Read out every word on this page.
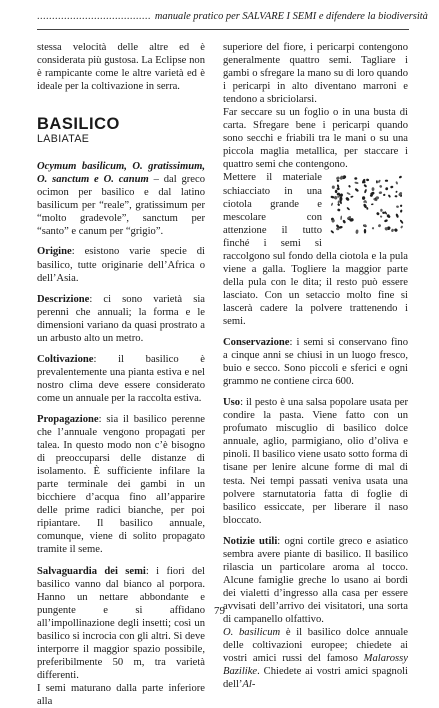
...................................... manuale pratico per SALVARE I SEMI e difendere la biodiversità

stessa velocità delle altre ed è considerata più gustosa. La Eclipse non è rampicante come le altre varietà ed è ideale per la coltivazione in serra.

BASILICO
LABIATAE

Ocymum basilicum, O. gratissimum, O. sanctum e O. canum – dal greco ocimon per basilico e dal latino basilicum per “reale”, gratissimum per “molto gradevole”, sanctum per “santo” e canum per “grigio”.

Origine: esistono varie specie di basilico, tutte originarie dell’Africa o dell’Asia.

Descrizione: ci sono varietà sia perenni che annuali; la forma e le dimensioni variano da quasi prostrato a un arbusto alto un metro.

Coltivazione: il basilico è prevalentemente una pianta estiva e nel nostro clima deve essere considerato come un annuale per la raccolta estiva.

Propagazione: sia il basilico perenne che l’annuale vengono propagati per talea. In questo modo non c’è bisogno di preoccuparsi delle distanze di isolamento. È sufficiente infilare la parte terminale dei gambi in un bicchiere d’acqua fino all’apparire delle prime radici bianche, per poi ripiantare. Il basilico annuale, comunque, viene di solito propagato tramite il seme.

Salvaguardia dei semi: i fiori del basilico vanno dal bianco al porpora. Hanno un nettare abbondante e pungente e si affidano all’impollinazione degli insetti; così un basilico si incrocia con gli altri. Si deve interporre il maggior spazio possibile, preferibilmente 50 m, tra varietà differenti.

I semi maturano dalla parte inferiore alla

superiore del fiore, i pericarpi contengono generalmente quattro semi. Tagliare i gambi o sfregare la mano su di loro quando i pericarpi in alto diventano marroni e tendono a sbriciolarsi.

Far seccare su un foglio o in una busta di carta. Sfregare bene i pericarpi quando sono secchi e friabili tra le mani o su una piccola maglia metallica, per staccare i quattro semi che contengono.

Mettere il materiale schiacciato in una ciotola grande e mescolare con attenzione il tutto finché i semi si raccolgono sul fondo della ciotola e la pula viene a galla. Togliere la maggior parte della pula con le dita; il resto può essere lasciato. Con un setaccio molto fine si lascerà cadere la polvere trattenendo i semi.

Conservazione: i semi si conservano fino a cinque anni se chiusi in un luogo fresco, buio e secco. Sono piccoli e sferici e ogni grammo ne contiene circa 600.

Uso: il pesto è una salsa popolare usata per condire la pasta. Viene fatto con un profumato miscuglio di basilico dolce annuale, aglio, parmigiano, olio d’oliva e pinoli. Il basilico viene usato sotto forma di tisane per lenire alcune forme di mal di testa. Nei tempi passati veniva usata una polvere starnutatoria fatta di foglie di basilico essiccate, per liberare il naso bloccato.

Notizie utili: ogni cortile greco e asiatico sembra avere piante di basilico. Il basilico rilascia un particolare aroma al tocco. Alcune famiglie greche lo usano ai bordi dei vialetti d’ingresso alla casa per essere avvisati dell’arrivo dei visitatori, una sorta di campanello olfattivo.

O. basilicum è il basilico dolce annuale delle coltivazioni europee; chiedete ai vostri amici russi del famoso Malarossy Bazilike. Chiedete ai vostri amici spagnoli dell’Al-

79
